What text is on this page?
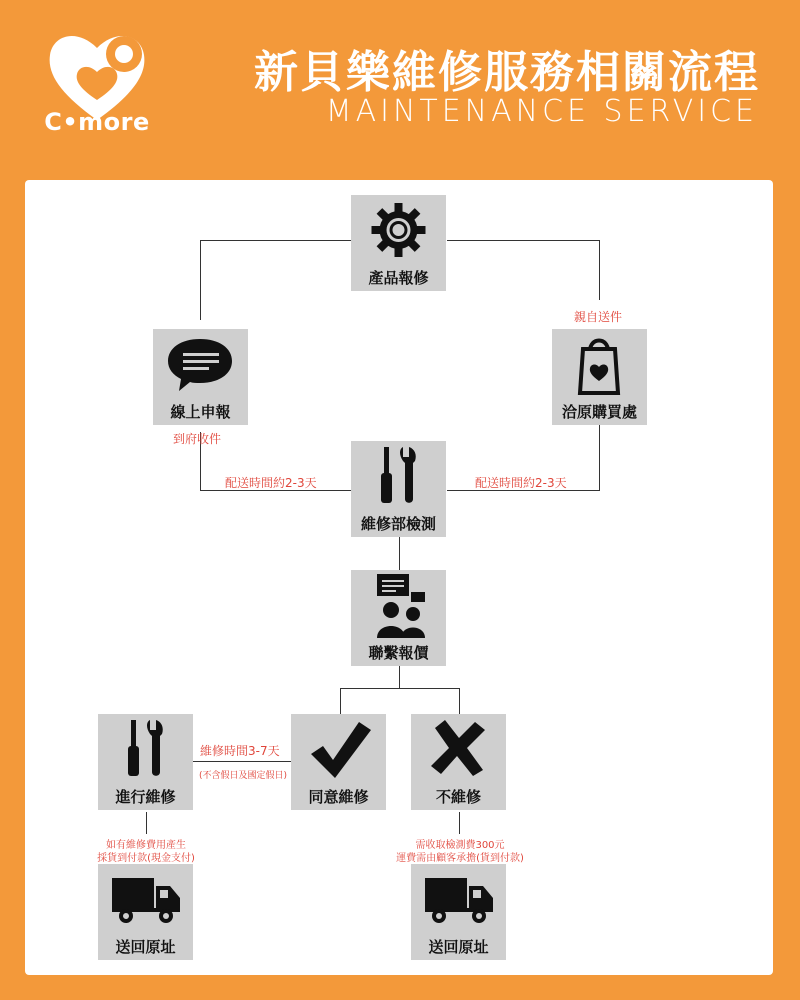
C•more
新貝樂維修服務相關流程
MAINTENANCE SERVICE
產品報修
線上申報	洽原購買處
維修部檢測
聯繫報價
進行維修	同意維修	不維修
送回原址	送回原址
親自送件
到府收件
配送時間約2-3天	配送時間約2-3天
維修時間3-7天
(不含假日及國定假日)
如有維修費用產生
採貨到付款(現金支付)
需收取檢測費300元
運費需由顧客承擔(貨到付款)
